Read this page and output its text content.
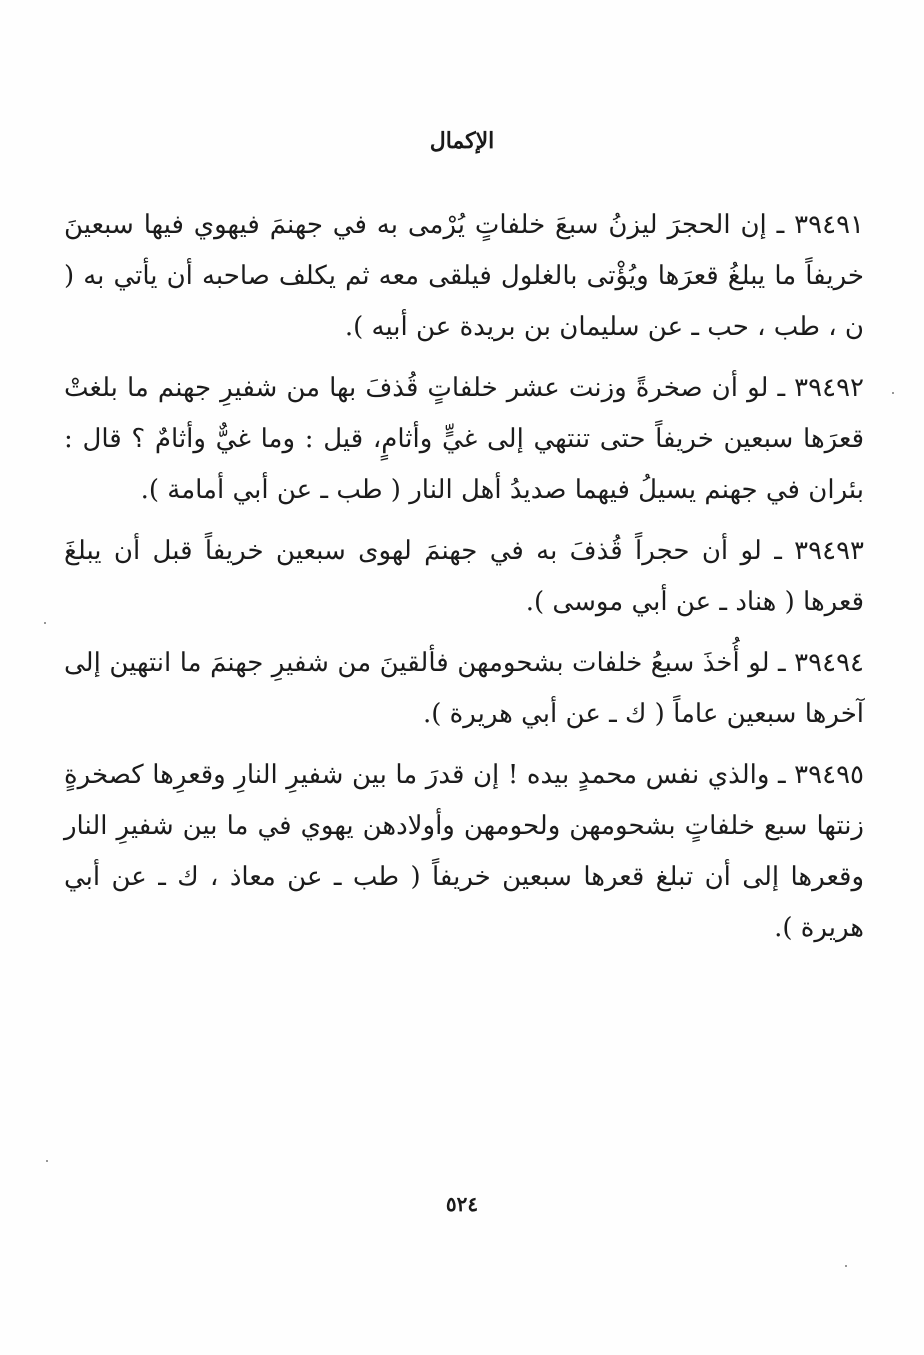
الإكمال

٣٩٤٩١ ـ إن الحجرَ ليزنُ سبعَ خلفاتٍ يُرْمى به في جهنمَ فيهوي فيها سبعينَ خريفاً ما يبلغُ قعرَها ويُؤْتى بالغلول فيلقى معه ثم يكلف صاحبه أن يأتي به ( ن ، طب ، حب ـ عن سليمان بن بريدة عن أبيه ).

٣٩٤٩٢ ـ لو أن صخرةً وزنت عشر خلفاتٍ قُذفَ بها من شفيرِ جهنم ما بلغتْ قعرَها سبعين خريفاً حتى تنتهي إلى غيٍّ وأثامٍ، قيل : وما غيٌّ وأثامٌ ؟ قال : بئران في جهنم يسيلُ فيهما صديدُ أهل النار ( طب ـ عن أبي أمامة ).

٣٩٤٩٣ ـ لو أن حجراً قُذفَ به في جهنمَ لهوى سبعين خريفاً قبل أن يبلغَ قعرها ( هناد ـ عن أبي موسى ).

٣٩٤٩٤ ـ لو أُخذَ سبعُ خلفات بشحومهن فألقينَ من شفيرِ جهنمَ ما انتهين إلى آخرها سبعين عاماً ( ك ـ عن أبي هريرة ).

٣٩٤٩٥ ـ والذي نفس محمدٍ بيده ! إن قدرَ ما بين شفيرِ النارِ وقعرِها كصخرةٍ زنتها سبع خلفاتٍ بشحومهن ولحومهن وأولادهن يهوي في ما بين شفيرِ النار وقعرها إلى أن تبلغ قعرها سبعين خريفاً ( طب ـ عن معاذ ، ك ـ عن أبي هريرة ).

٥٢٤
